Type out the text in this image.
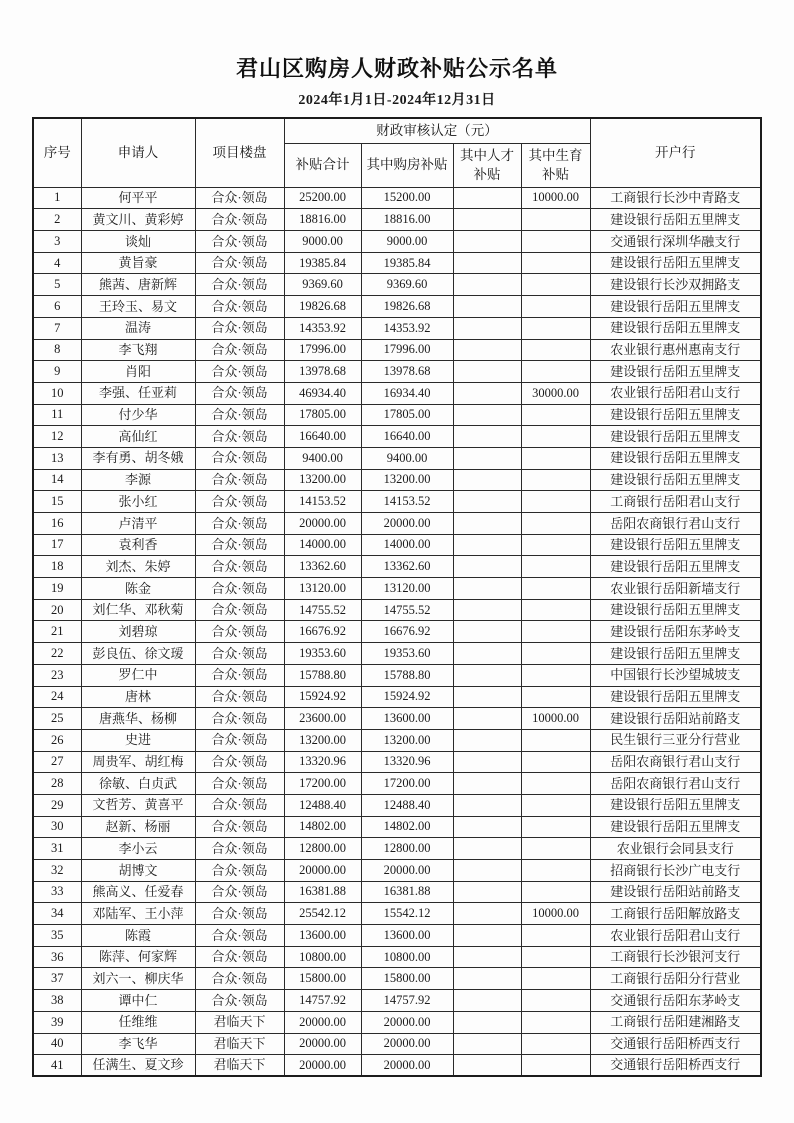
君山区购房人财政补贴公示名单
2024年1月1日-2024年12月31日
序号	申请人	项目楼盘	财政审核认定（元）				开户行
			补贴合计	其中购房补贴	其中人才补贴	其中生育补贴	
1	何平平	合众·领岛	25200.00	15200.00		10000.00	工商银行长沙中青路支
2	黄文川、黄彩婷	合众·领岛	18816.00	18816.00			建设银行岳阳五里牌支
3	谈灿	合众·领岛	9000.00	9000.00			交通银行深圳华融支行
4	黄旨豪	合众·领岛	19385.84	19385.84			建设银行岳阳五里牌支
5	熊茜、唐新辉	合众·领岛	9369.60	9369.60			建设银行长沙双拥路支
6	王玲玉、易文	合众·领岛	19826.68	19826.68			建设银行岳阳五里牌支
7	温涛	合众·领岛	14353.92	14353.92			建设银行岳阳五里牌支
8	李飞翔	合众·领岛	17996.00	17996.00			农业银行惠州惠南支行
9	肖阳	合众·领岛	13978.68	13978.68			建设银行岳阳五里牌支
10	李强、任亚莉	合众·领岛	46934.40	16934.40		30000.00	农业银行岳阳君山支行
11	付少华	合众·领岛	17805.00	17805.00			建设银行岳阳五里牌支
12	高仙红	合众·领岛	16640.00	16640.00			建设银行岳阳五里牌支
13	李有勇、胡冬娥	合众·领岛	9400.00	9400.00			建设银行岳阳五里牌支
14	李源	合众·领岛	13200.00	13200.00			建设银行岳阳五里牌支
15	张小红	合众·领岛	14153.52	14153.52			工商银行岳阳君山支行
16	卢清平	合众·领岛	20000.00	20000.00			岳阳农商银行君山支行
17	袁利香	合众·领岛	14000.00	14000.00			建设银行岳阳五里牌支
18	刘杰、朱婷	合众·领岛	13362.60	13362.60			建设银行岳阳五里牌支
19	陈金	合众·领岛	13120.00	13120.00			农业银行岳阳新墙支行
20	刘仁华、邓秋菊	合众·领岛	14755.52	14755.52			建设银行岳阳五里牌支
21	刘碧琼	合众·领岛	16676.92	16676.92			建设银行岳阳东茅岭支
22	彭良伍、徐文瑷	合众·领岛	19353.60	19353.60			建设银行岳阳五里牌支
23	罗仁中	合众·领岛	15788.80	15788.80			中国银行长沙望城坡支
24	唐林	合众·领岛	15924.92	15924.92			建设银行岳阳五里牌支
25	唐燕华、杨柳	合众·领岛	23600.00	13600.00		10000.00	建设银行岳阳站前路支
26	史进	合众·领岛	13200.00	13200.00			民生银行三亚分行营业
27	周贵军、胡红梅	合众·领岛	13320.96	13320.96			岳阳农商银行君山支行
28	徐敏、白贞武	合众·领岛	17200.00	17200.00			岳阳农商银行君山支行
29	文哲芳、黄喜平	合众·领岛	12488.40	12488.40			建设银行岳阳五里牌支
30	赵新、杨丽	合众·领岛	14802.00	14802.00			建设银行岳阳五里牌支
31	李小云	合众·领岛	12800.00	12800.00			农业银行会同县支行
32	胡博文	合众·领岛	20000.00	20000.00			招商银行长沙广电支行
33	熊高义、任爱春	合众·领岛	16381.88	16381.88			建设银行岳阳站前路支
34	邓陆军、王小萍	合众·领岛	25542.12	15542.12		10000.00	工商银行岳阳解放路支
35	陈霞	合众·领岛	13600.00	13600.00			农业银行岳阳君山支行
36	陈萍、何家辉	合众·领岛	10800.00	10800.00			工商银行长沙银河支行
37	刘六一、柳庆华	合众·领岛	15800.00	15800.00			工商银行岳阳分行营业
38	谭中仁	合众·领岛	14757.92	14757.92			交通银行岳阳东茅岭支
39	任维维	君临天下	20000.00	20000.00			工商银行岳阳建湘路支
40	李飞华	君临天下	20000.00	20000.00			交通银行岳阳桥西支行
41	任满生、夏文珍	君临天下	20000.00	20000.00			交通银行岳阳桥西支行
